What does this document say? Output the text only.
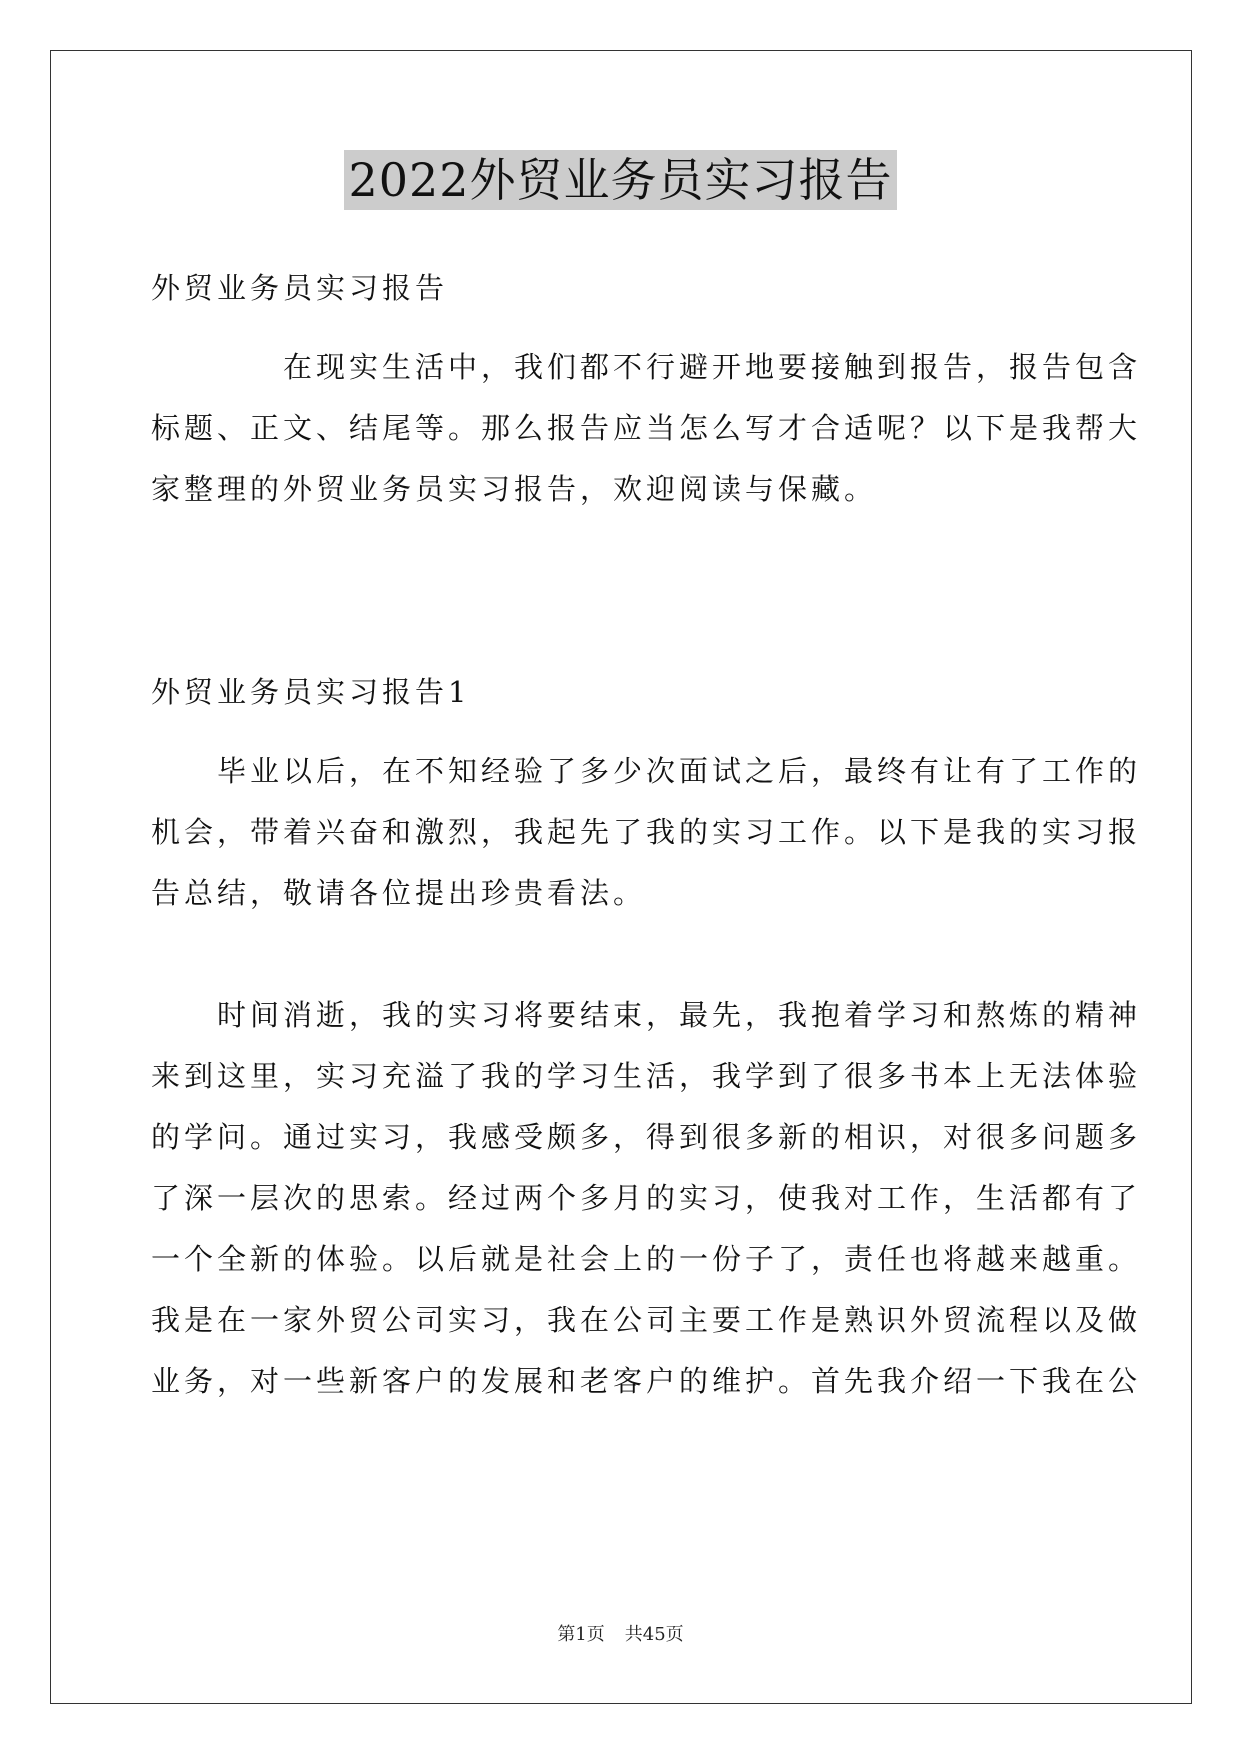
2022外贸业务员实习报告

外贸业务员实习报告

　　　　在现实生活中，我们都不行避开地要接触到报告，报告包含
标题、正文、结尾等。那么报告应当怎么写才合适呢？以下是我帮大
家整理的外贸业务员实习报告，欢迎阅读与保藏。

外贸业务员实习报告1

　　毕业以后，在不知经验了多少次面试之后，最终有让有了工作的
机会，带着兴奋和激烈，我起先了我的实习工作。以下是我的实习报
告总结，敬请各位提出珍贵看法。

　　时间消逝，我的实习将要结束，最先，我抱着学习和熬炼的精神
来到这里，实习充溢了我的学习生活，我学到了很多书本上无法体验
的学问。通过实习，我感受颇多，得到很多新的相识，对很多问题多
了深一层次的思索。经过两个多月的实习，使我对工作，生活都有了
一个全新的体验。以后就是社会上的一份子了，责任也将越来越重。
我是在一家外贸公司实习，我在公司主要工作是熟识外贸流程以及做
业务，对一些新客户的发展和老客户的维护。首先我介绍一下我在公

第1页 共45页
